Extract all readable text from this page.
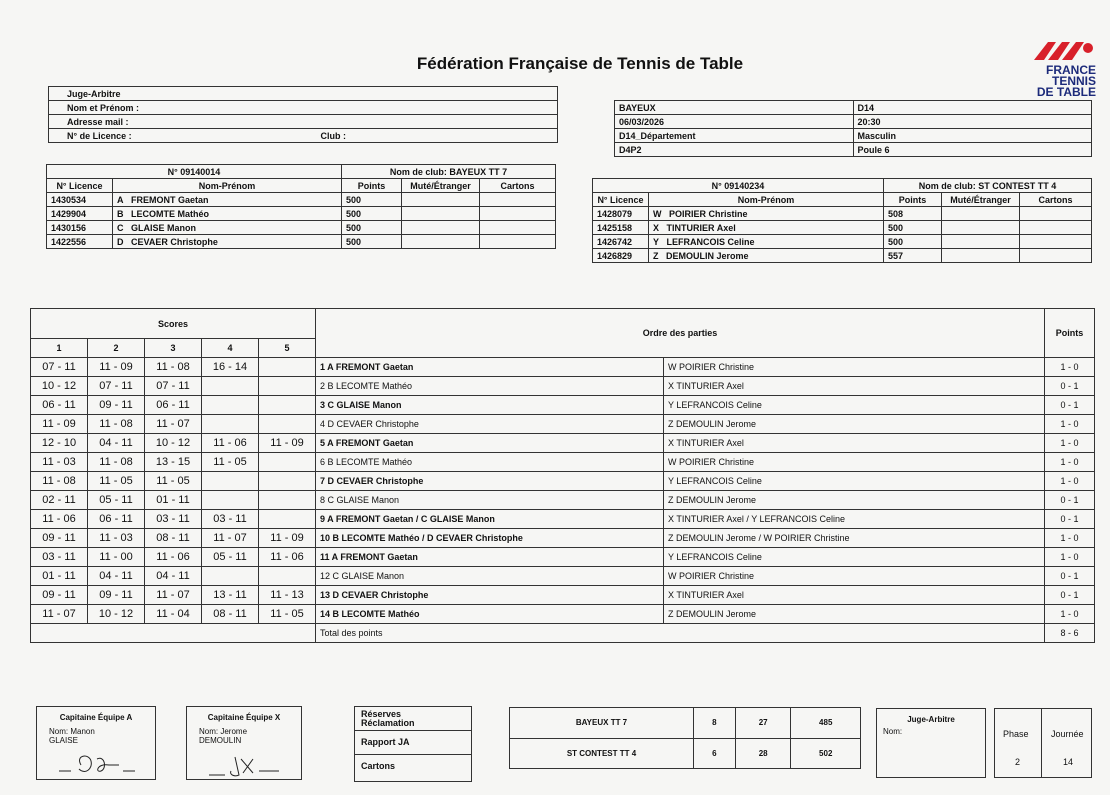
Fédération Française de Tennis de Table	FRANCE
TENNIS
DE TABLE
Juge-Arbitre
Nom et Prénom :
Adresse mail :
N° de Licence :	Club :
BAYEUX	D14
06/03/2026	20:30
D14_Département	Masculin
D4P2	Poule 6
N° 09140014		Nom de club: BAYEUX TT 7		
N° Licence	Nom-Prénom	Points	Muté/Étranger	Cartons
1430534	A FREMONT Gaetan	500		
1429904	B LECOMTE Mathéo	500		
1430156	C GLAISE Manon	500		
1422556	D CEVAER Christophe	500		
N° 09140234		Nom de club: ST CONTEST TT 4		
N° Licence	Nom-Prénom	Points	Muté/Étranger	Cartons
1428079	W POIRIER Christine	508		
1425158	X TINTURIER Axel	500		
1426742	Y LEFRANCOIS Celine	500		
1426829	Z DEMOULIN Jerome	557		
Scores					Ordre des parties		Points
1	2	3	4	5			
07 - 11	11 - 09	11 - 08	16 - 14		1 A FREMONT Gaetan	W POIRIER Christine	1 - 0
10 - 12	07 - 11	07 - 11			2 B LECOMTE Mathéo	X TINTURIER Axel	0 - 1
06 - 11	09 - 11	06 - 11			3 C GLAISE Manon	Y LEFRANCOIS Celine	0 - 1
11 - 09	11 - 08	11 - 07			4 D CEVAER Christophe	Z DEMOULIN Jerome	1 - 0
12 - 10	04 - 11	10 - 12	11 - 06	11 - 09	5 A FREMONT Gaetan	X TINTURIER Axel	1 - 0
11 - 03	11 - 08	13 - 15	11 - 05		6 B LECOMTE Mathéo	W POIRIER Christine	1 - 0
11 - 08	11 - 05	11 - 05			7 D CEVAER Christophe	Y LEFRANCOIS Celine	1 - 0
02 - 11	05 - 11	01 - 11			8 C GLAISE Manon	Z DEMOULIN Jerome	0 - 1
11 - 06	06 - 11	03 - 11	03 - 11		9 A FREMONT Gaetan / C GLAISE Manon	X TINTURIER Axel / Y LEFRANCOIS Celine	0 - 1
09 - 11	11 - 03	08 - 11	11 - 07	11 - 09	10 B LECOMTE Mathéo / D CEVAER Christophe	Z DEMOULIN Jerome / W POIRIER Christine	1 - 0
03 - 11	11 - 00	11 - 06	05 - 11	11 - 06	11 A FREMONT Gaetan	Y LEFRANCOIS Celine	1 - 0
01 - 11	04 - 11	04 - 11			12 C GLAISE Manon	W POIRIER Christine	0 - 1
09 - 11	09 - 11	11 - 07	13 - 11	11 - 13	13 D CEVAER Christophe	X TINTURIER Axel	0 - 1
11 - 07	10 - 12	11 - 04	08 - 11	11 - 05	14 B LECOMTE Mathéo	Z DEMOULIN Jerome	1 - 0
					Total des points		8 - 6
Capitaine Équipe A
Nom: Manon
GLAISE
Capitaine Équipe X
Nom: Jerome
DEMOULIN
Réserves
Réclamation
Rapport JA
Cartons
BAYEUX TT 7	8	27	485
ST CONTEST TT 4	6	28	502
Juge-Arbitre
Nom:	Phase Journée
2	14
